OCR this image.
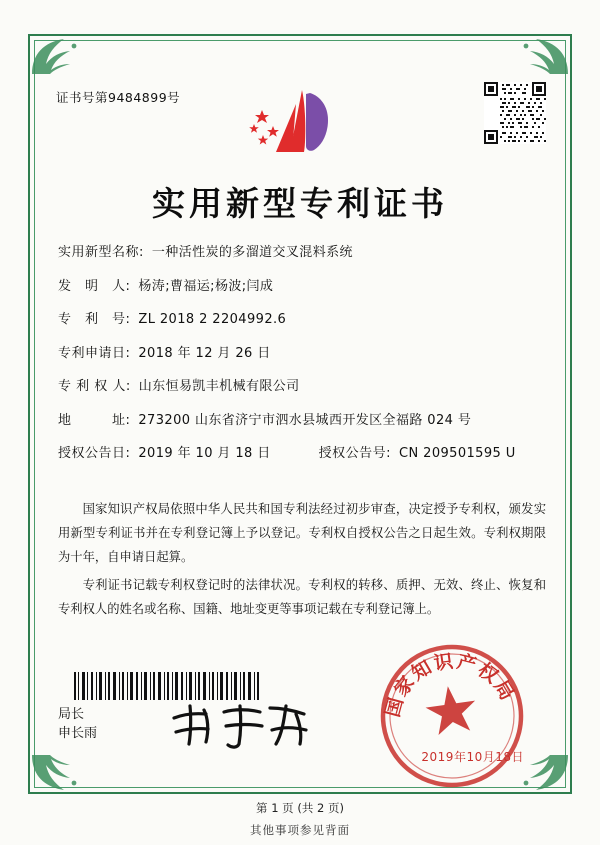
证书号第9484899号
实用新型专利证书
实用新型名称: 一种活性炭的多溜道交叉混料系统
发　明　人: 杨涛;曹福运;杨波;闫成
专　利　号: ZL 2018 2 2204992.6
专利申请日: 2018 年 12 月 26 日
专 利 权 人: 山东恒易凯丰机械有限公司
地　　　址: 273200 山东省济宁市泗水县城西开发区全福路 024 号
授权公告日: 2019 年 10 月 18 日	授权公告号: CN 209501595 U

国家知识产权局依照中华人民共和国专利法经过初步审查，决定授予专利权，颁发实用新型专利证书并在专利登记簿上予以登记。专利权自授权公告之日起生效。专利权期限为十年，自申请日起算。

专利证书记载专利权登记时的法律状况。专利权的转移、质押、无效、终止、恢复和专利权人的姓名或名称、国籍、地址变更等事项记载在专利登记簿上。

局长
申长雨
国家知识产权局
2019年10月18日
第 1 页 (共 2 页)
其他事项参见背面
